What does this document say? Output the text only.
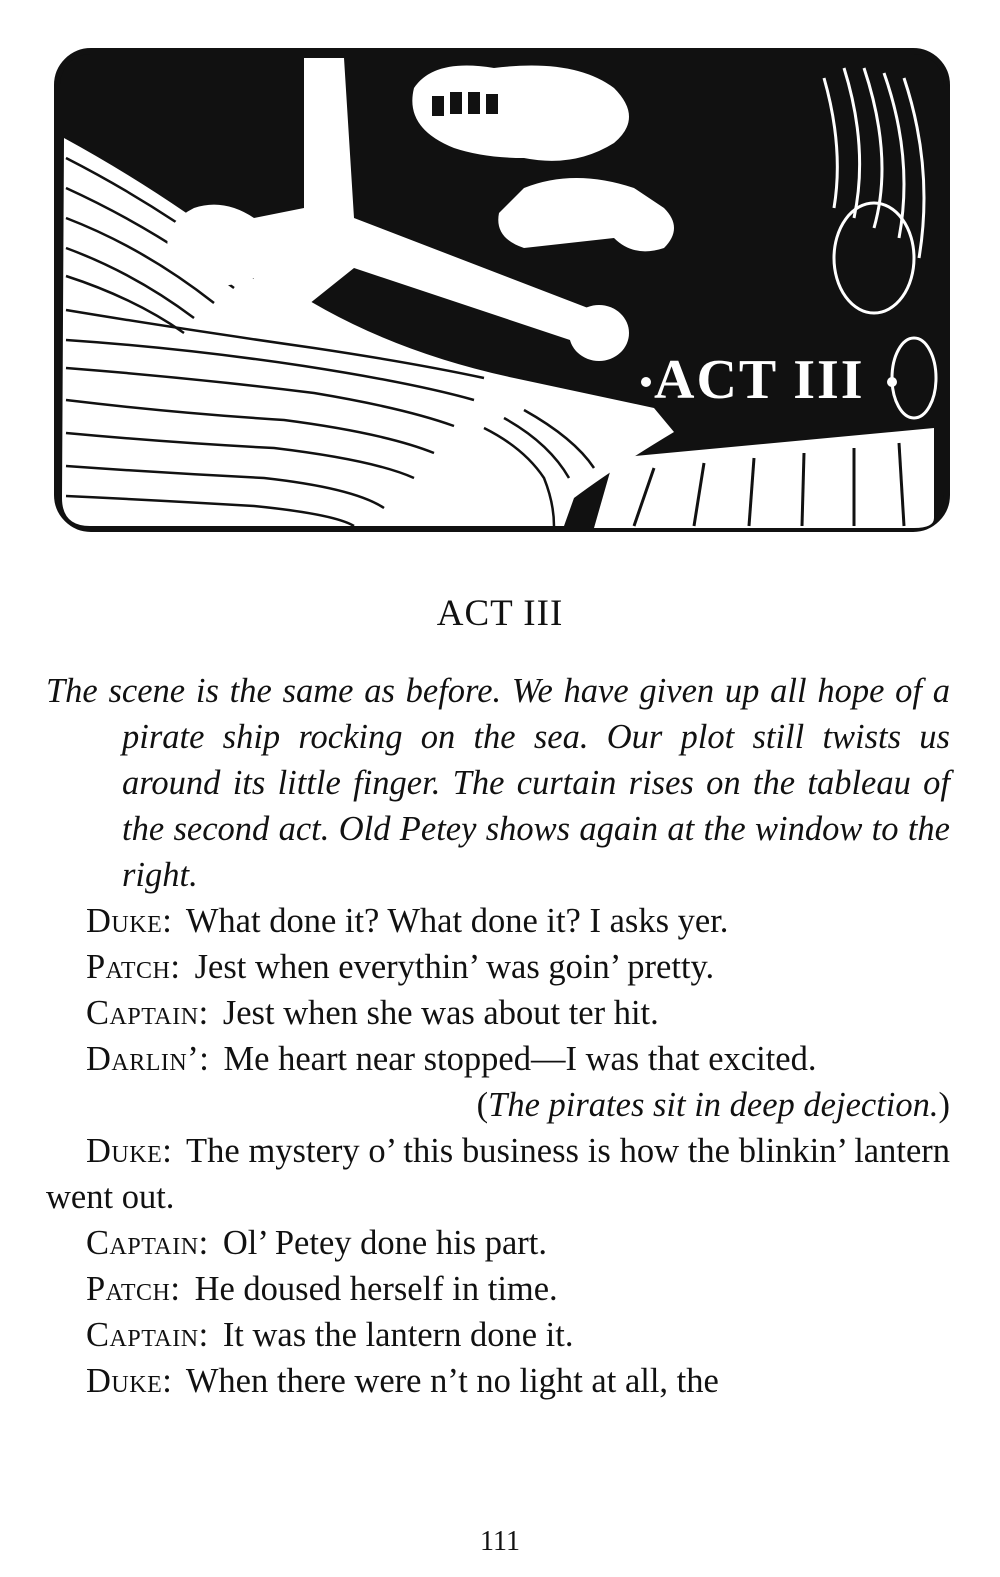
ACT III
ACT III

The scene is the same as before. We have given up all hope of a pirate ship rocking on the sea. Our plot still twists us around its little finger. The curtain rises on the tableau of the second act. Old Petey shows again at the window to the right.

Duke: What done it? What done it? I asks yer.

Patch: Jest when everythin’ was goin’ pretty.

Captain: Jest when she was about ter hit.

Darlin’: Me heart near stopped—I was that excited.

(The pirates sit in deep dejection.)

Duke: The mystery o’ this business is how the blinkin’ lantern went out.

Captain: Ol’ Petey done his part.

Patch: He doused herself in time.

Captain: It was the lantern done it.

Duke: When there were n’t no light at all, the

111
